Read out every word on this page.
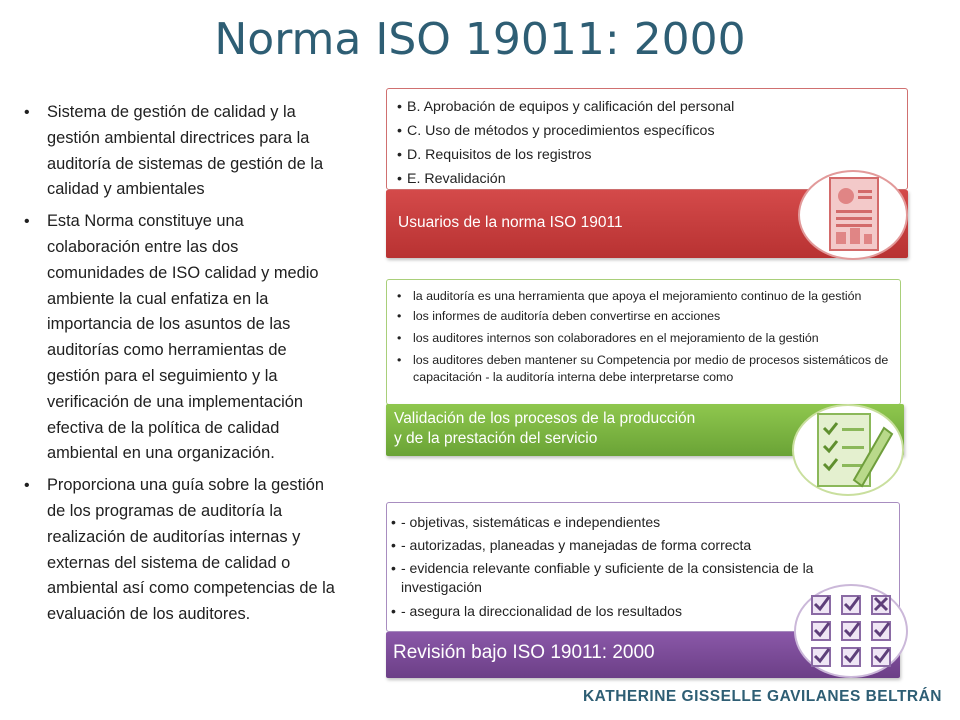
Norma ISO 19011: 2000
• Sistema de gestión de calidad y la gestión ambiental directrices para la auditoría de sistemas de gestión de la calidad y ambientales
• Esta Norma constituye una colaboración entre las dos comunidades de ISO calidad y medio ambiente la cual enfatiza en la importancia de los asuntos de las auditorías como herramientas de gestión para el seguimiento y la verificación de una implementación efectiva de la política de calidad ambiental en una organización.
• Proporciona una guía sobre la gestión de los programas de auditoría la realización de auditorías internas y externas del sistema de calidad o ambiental así como competencias de la evaluación de los auditores.
• B. Aprobación de equipos y calificación del personal
• C. Uso de métodos y procedimientos específicos
• D. Requisitos de los registros
• E. Revalidación
Usuarios de la norma ISO 19011
• la auditoría es una herramienta que apoya el mejoramiento continuo de la gestión
• los informes de auditoría deben convertirse en acciones
• los auditores internos son colaboradores en el mejoramiento de la gestión
• los auditores deben mantener su Competencia por medio de procesos sistemáticos de capacitación - la auditoría interna debe interpretarse como
Validación de los procesos de la producción
y de la prestación del servicio
• - objetivas, sistemáticas e independientes
• - autorizadas, planeadas y manejadas de forma correcta
• - evidencia relevante confiable y suficiente de la consistencia de la investigación
• - asegura la direccionalidad de los resultados
Revisión bajo ISO 19011: 2000
KATHERINE GISSELLE GAVILANES BELTRÁN
